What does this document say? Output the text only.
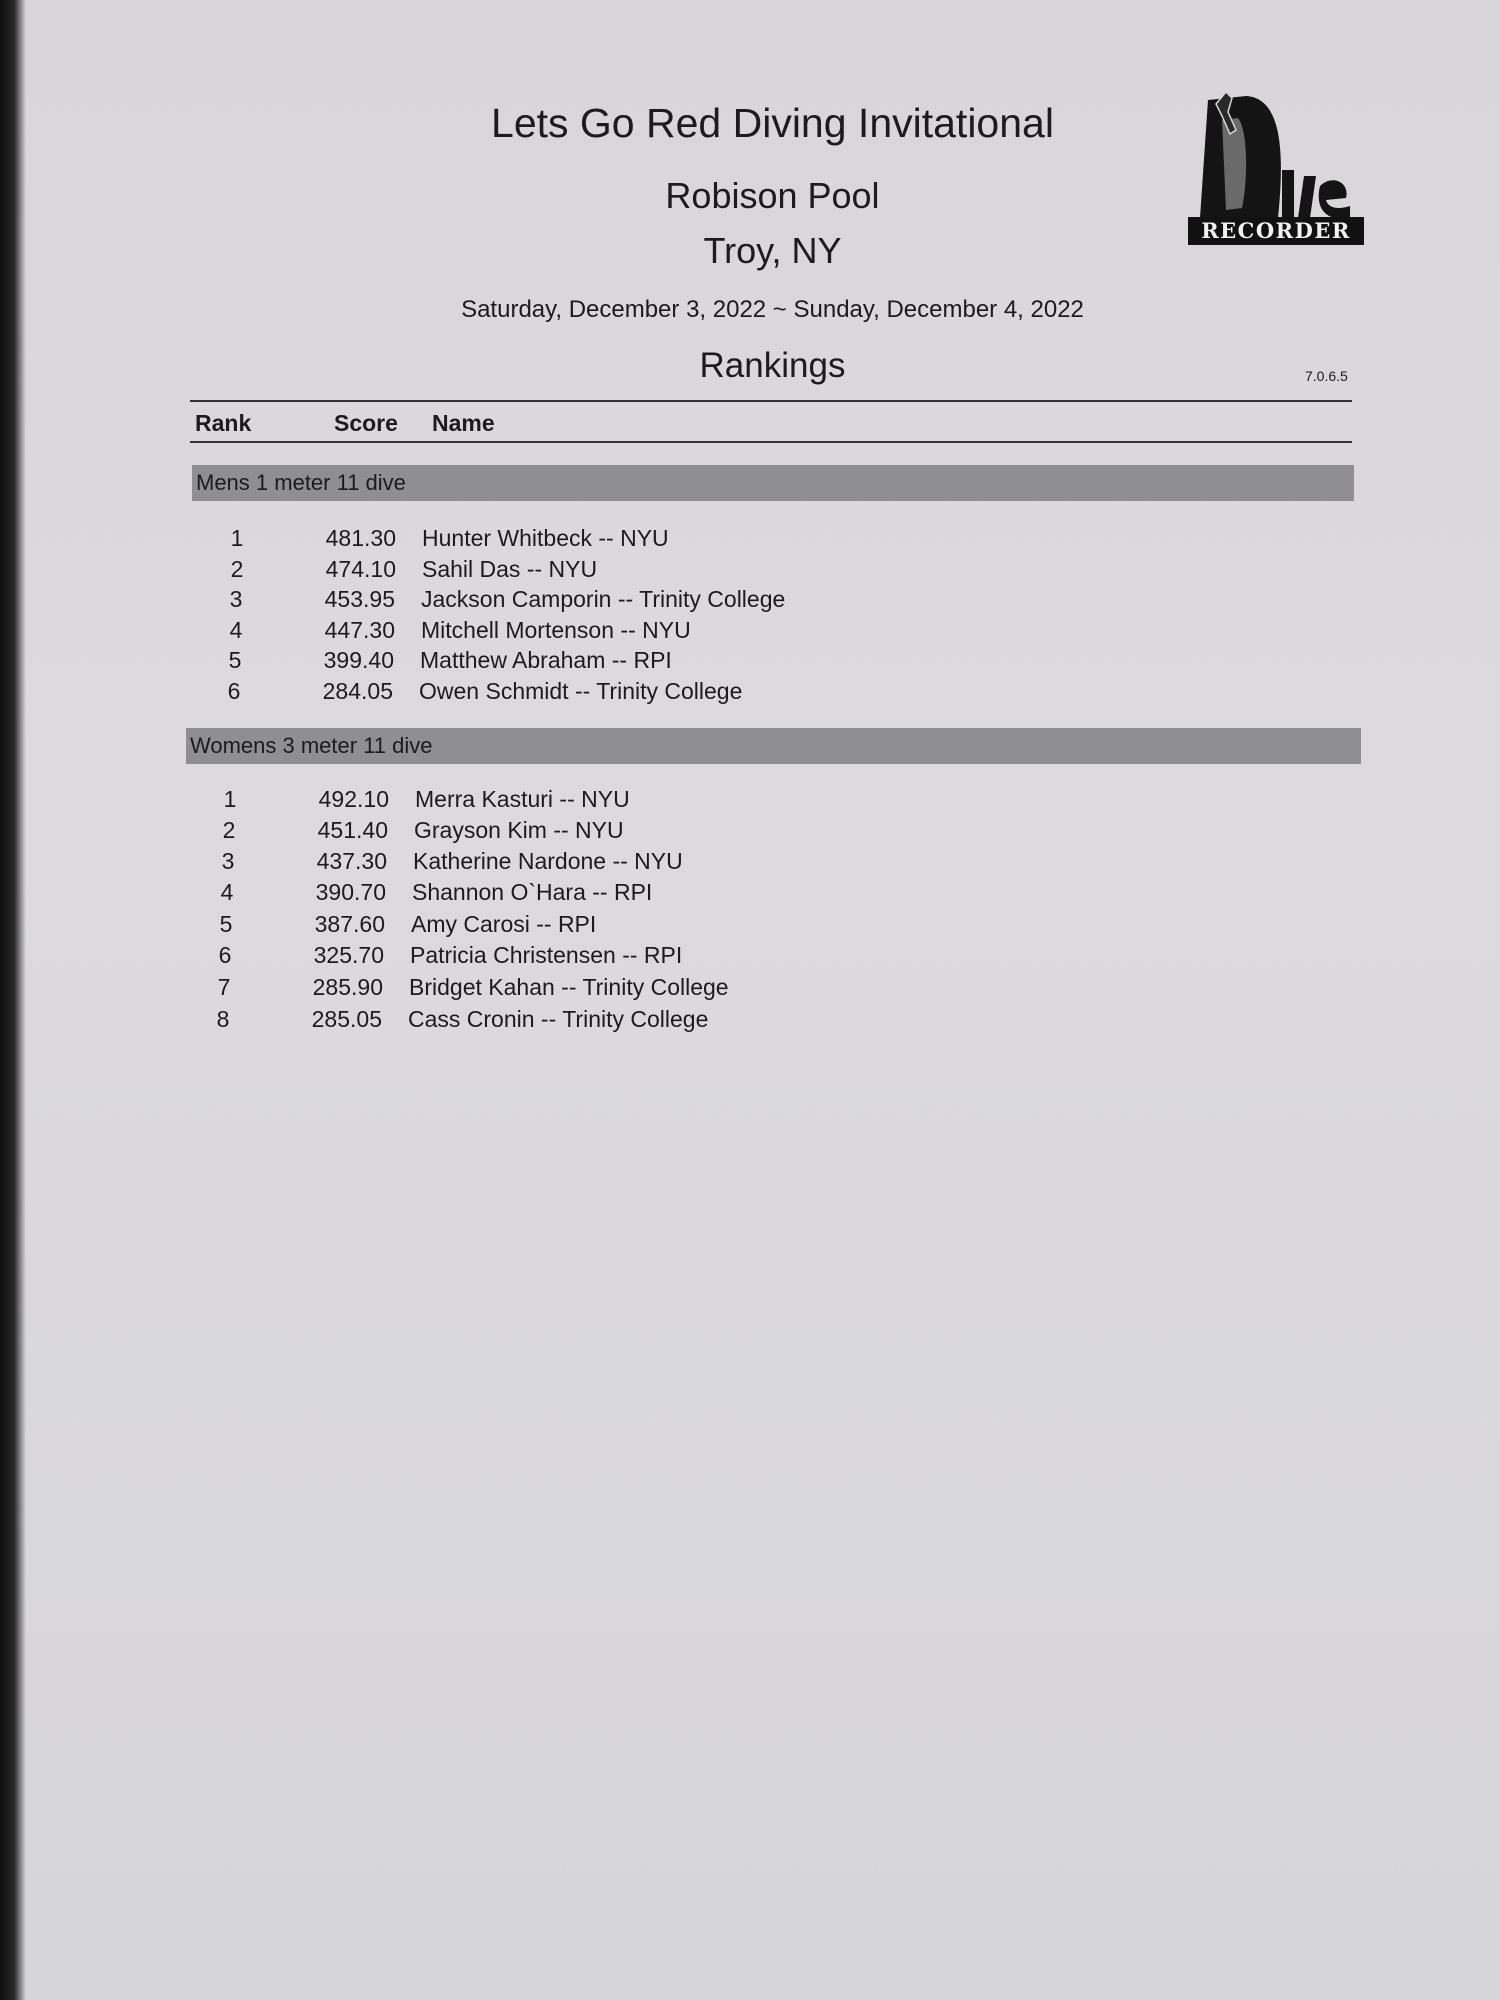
Lets Go Red Diving Invitational
Robison Pool
Troy, NY
Saturday, December 3, 2022 ~ Sunday, December 4, 2022
Rankings	7.0.6.5
RECORDER
Rank	Score Name
Mens 1 meter 11 dive
1	481.30 Hunter Whitbeck -- NYU
2	474.10 Sahil Das -- NYU
3	453.95 Jackson Camporin -- Trinity College
4	447.30 Mitchell Mortenson -- NYU
5	399.40 Matthew Abraham -- RPI
6	284.05 Owen Schmidt -- Trinity College
Womens 3 meter 11 dive
1	492.10 Merra Kasturi -- NYU
2	451.40 Grayson Kim -- NYU
3	437.30 Katherine Nardone -- NYU
4	390.70 Shannon O`Hara -- RPI
5	387.60 Amy Carosi -- RPI
6	325.70 Patricia Christensen -- RPI
7	285.90 Bridget Kahan -- Trinity College
8	285.05 Cass Cronin -- Trinity College
